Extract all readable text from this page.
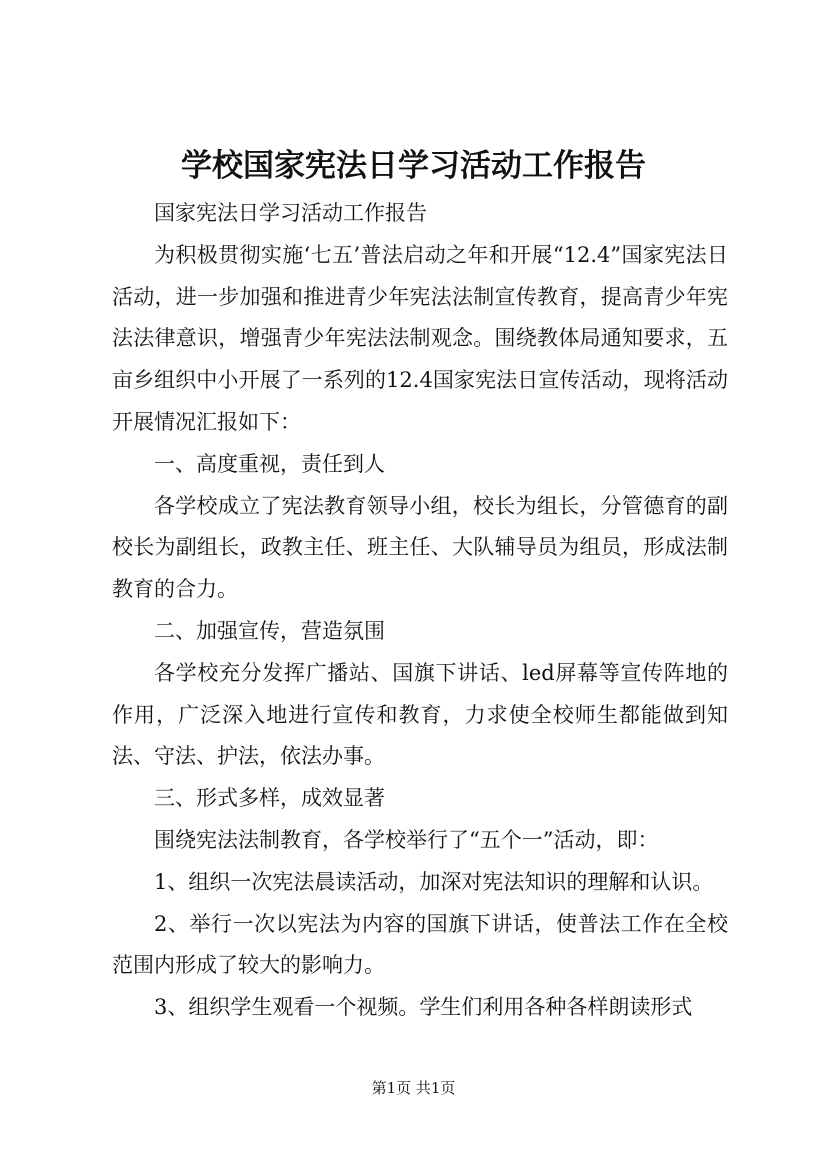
学校国家宪法日学习活动工作报告

国家宪法日学习活动工作报告

为积极贯彻实施‘七五’普法启动之年和开展“12.4”国家宪法日活动，进一步加强和推进青少年宪法法制宣传教育，提高青少年宪法法律意识，增强青少年宪法法制观念。围绕教体局通知要求，五亩乡组织中小开展了一系列的12.4国家宪法日宣传活动，现将活动开展情况汇报如下：

一、高度重视，责任到人

各学校成立了宪法教育领导小组，校长为组长，分管德育的副校长为副组长，政教主任、班主任、大队辅导员为组员，形成法制教育的合力。

二、加强宣传，营造氛围

各学校充分发挥广播站、国旗下讲话、led屏幕等宣传阵地的作用，广泛深入地进行宣传和教育，力求使全校师生都能做到知法、守法、护法，依法办事。

三、形式多样，成效显著

围绕宪法法制教育，各学校举行了“五个一”活动，即：

1、组织一次宪法晨读活动，加深对宪法知识的理解和认识。

2、举行一次以宪法为内容的国旗下讲话，使普法工作在全校范围内形成了较大的影响力。

3、组织学生观看一个视频。学生们利用各种各样朗读形式

第1页 共1页
